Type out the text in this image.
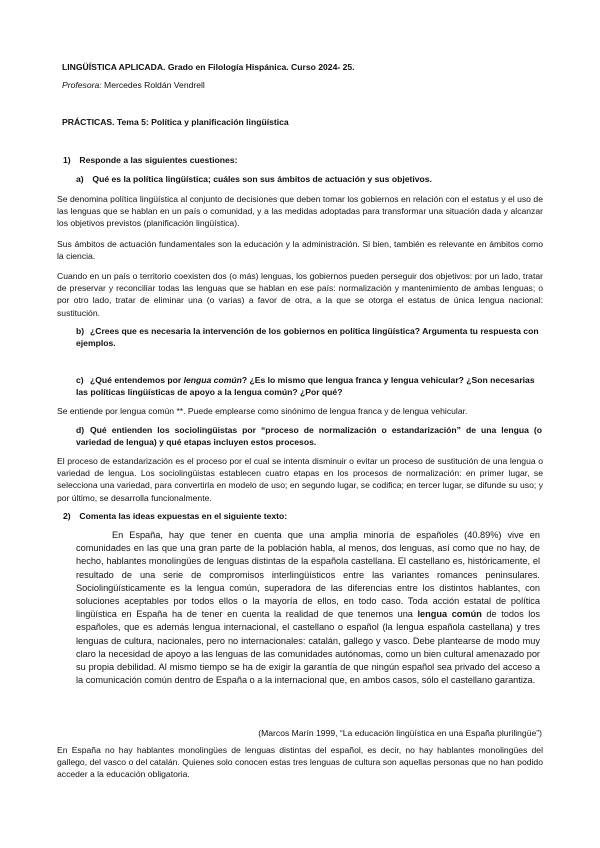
LINGÜÍSTICA APLICADA. Grado en Filología Hispánica. Curso 2024- 25.
Profesora: Mercedes Roldán Vendrell
PRÁCTICAS. Tema 5: Política y planificación lingüística
1) Responde a las siguientes cuestiones:
a) Qué es la política lingüística; cuáles son sus ámbitos de actuación y sus objetivos.
Se denomina política lingüística al conjunto de decisiones que deben tomar los gobiernos en relación con el estatus y el uso de las lenguas que se hablan en un país o comunidad, y a las medidas adoptadas para transformar una situación dada y alcanzar los objetivos previstos (planificación lingüística).
Sus ámbitos de actuación fundamentales son la educación y la administración. Si bien, también es relevante en ámbitos como la ciencia.
Cuando en un país o territorio coexisten dos (o más) lenguas, los gobiernos pueden perseguir dos objetivos: por un lado, tratar de preservar y reconciliar todas las lenguas que se hablan en ese país: normalización y mantenimiento de ambas lenguas; o por otro lado, tratar de eliminar una (o varias) a favor de otra, a la que se otorga el estatus de única lengua nacional: sustitución.
b) ¿Crees que es necesaria la intervención de los gobiernos en política lingüística? Argumenta tu respuesta con ejemplos.
c) ¿Qué entendemos por lengua común? ¿Es lo mismo que lengua franca y lengua vehicular? ¿Son necesarias las políticas lingüísticas de apoyo a la lengua común? ¿Por qué?
Se entiende por lengua común **. Puede emplearse como sinónimo de lengua franca y de lengua vehicular.
d) Qué entienden los sociolingüistas por “proceso de normalización o estandarización” de una lengua (o variedad de lengua) y qué etapas incluyen estos procesos.
El proceso de estandarización es el proceso por el cual se intenta disminuir o evitar un proceso de sustitución de una lengua o variedad de lengua. Los sociolingüistas establecen cuatro etapas en los procesos de normalización: en primer lugar, se selecciona una variedad, para convertirla en modelo de uso; en segundo lugar, se codifica; en tercer lugar, se difunde su uso; y por último, se desarrolla funcionalmente.
2) Comenta las ideas expuestas en el siguiente texto:
En España, hay que tener en cuenta que una amplia minoría de españoles (40.89%) vive en comunidades en las que una gran parte de la población habla, al menos, dos lenguas, así como que no hay, de hecho, hablantes monolingües de lenguas distintas de la española castellana. El castellano es, históricamente, el resultado de una serie de compromisos interlingüísticos entre las variantes romances peninsulares. Sociolingüísticamente es la lengua común, superadora de las diferencias entre los distintos hablantes, con soluciones aceptables por todos ellos o la mayoría de ellos, en todo caso. Toda acción estatal de política lingüística en España ha de tener en cuenta la realidad de que tenemos una lengua común de todos los españoles, que es además lengua internacional, el castellano o español (la lengua española castellana) y tres lenguas de cultura, nacionales, pero no internacionales: catalán, gallego y vasco. Debe plantearse de modo muy claro la necesidad de apoyo a las lenguas de las comunidades autónomas, como un bien cultural amenazado por su propia debilidad. Al mismo tiempo se ha de exigir la garantía de que ningún español sea privado del acceso a la comunicación común dentro de España o a la internacional que, en ambos casos, sólo el castellano garantiza.
(Marcos Marín 1999, “La educación lingüística en una España plurilingüe”)
En España no hay hablantes monolingües de lenguas distintas del español, es decir, no hay hablantes monolingües del gallego, del vasco o del catalán. Quienes solo conocen estas tres lenguas de cultura son aquellas personas que no han podido acceder a la educación obligatoria.
